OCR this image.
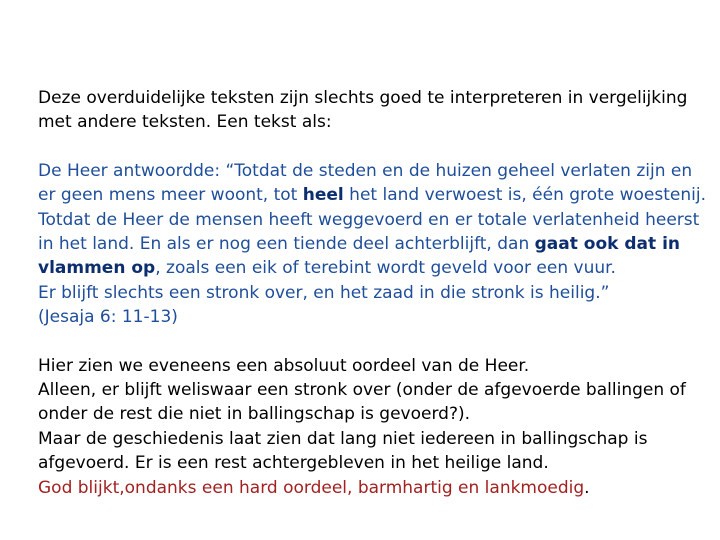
Deze overduidelijke teksten zijn slechts goed te interpreteren in vergelijking
met andere teksten. Een tekst als:
De Heer antwoordde: “Totdat de steden en de huizen geheel verlaten zijn en
er geen mens meer woont, tot heel het land verwoest is, één grote woestenij.
Totdat de Heer de mensen heeft weggevoerd en er totale verlatenheid heerst
in het land. En als er nog een tiende deel achterblijft, dan gaat ook dat in
vlammen op, zoals een eik of terebint wordt geveld voor een vuur.
Er blijft slechts een stronk over, en het zaad in die stronk is heilig.”
(Jesaja 6: 11-13)
Hier zien we eveneens een absoluut oordeel van de Heer.
Alleen, er blijft weliswaar een stronk over (onder de afgevoerde ballingen of
onder de rest die niet in ballingschap is gevoerd?).
Maar de geschiedenis laat zien dat lang niet iedereen in ballingschap is
afgevoerd. Er is een rest achtergebleven in het heilige land.
God blijkt,ondanks een hard oordeel, barmhartig en lankmoedig.
